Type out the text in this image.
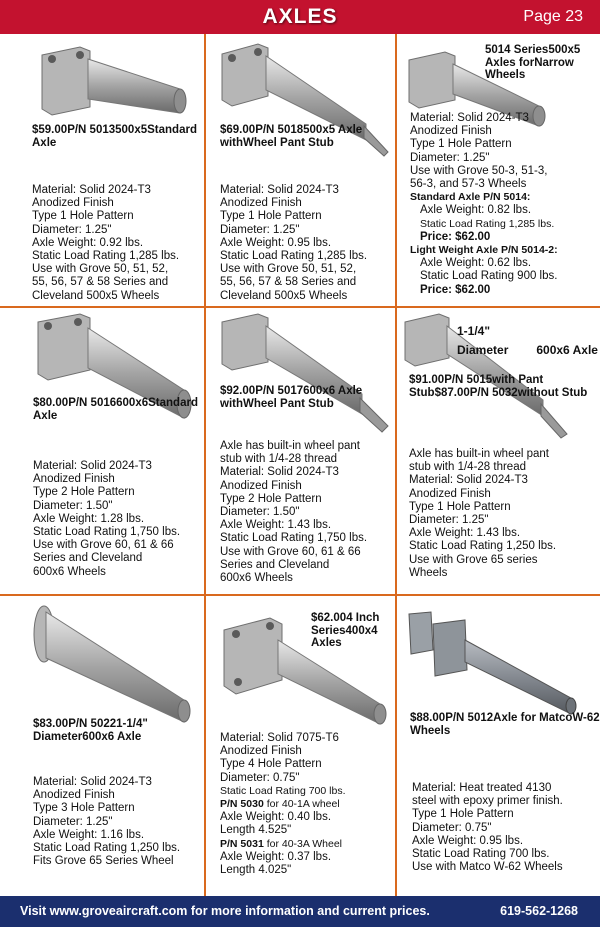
AXLES	Page 23
$59.00P/N 5013500x5Standard Axle
Material: Solid 2024-T3
Anodized Finish
Type 1 Hole Pattern
Diameter: 1.25"
Axle Weight: 0.92 lbs.
Static Load Rating 1,285 lbs.
Use with Grove 50, 51, 52,
55, 56, 57 & 58 Series and
Cleveland 500x5 Wheels
$69.00P/N 5018500x5 Axle withWheel Pant Stub
Material: Solid 2024-T3
Anodized Finish
Type 1 Hole Pattern
Diameter: 1.25"
Axle Weight: 0.95 lbs.
Static Load Rating 1,285 lbs.
Use with Grove 50, 51, 52,
55, 56, 57 & 58 Series and
Cleveland 500x5 Wheels
5014 Series500x5 Axles forNarrow Wheels
Material: Solid 2024-T3
Anodized Finish
Type 1 Hole Pattern
Diameter: 1.25"
Use with Grove 50-3, 51-3,
56-3, and 57-3 Wheels
Standard Axle P/N 5014:
Axle Weight: 0.82 lbs.
Static Load Rating 1,285 lbs.
Price: $62.00
Light Weight Axle P/N 5014-2:
Axle Weight: 0.62 lbs.
Static Load Rating 900 lbs.
Price: $62.00
$80.00P/N 5016600x6Standard Axle
Material: Solid 2024-T3
Anodized Finish
Type 2 Hole Pattern
Diameter: 1.50"
Axle Weight: 1.28 lbs.
Static Load Rating 1,750 lbs.
Use with Grove 60, 61 & 66
Series and Cleveland
600x6 Wheels
$92.00P/N 5017600x6 Axle withWheel Pant Stub
Axle has built-in wheel pant
stub with 1/4-28 thread
Material: Solid 2024-T3
Anodized Finish
Type 2 Hole Pattern
Diameter: 1.50"
Axle Weight: 1.43 lbs.
Static Load Rating 1,750 lbs.
Use with Grove 60, 61 & 66
Series and Cleveland
600x6 Wheels
1-1/4" Diameter 600x6 Axle
$91.00P/N 5015with Pant Stub$87.00P/N 5032without Stub
Axle has built-in wheel pant
stub with 1/4-28 thread
Material: Solid 2024-T3
Anodized Finish
Type 1 Hole Pattern
Diameter: 1.25"
Axle Weight: 1.43 lbs.
Static Load Rating 1,250 lbs.
Use with Grove 65 series
Wheels
$83.00P/N 50221-1/4" Diameter600x6 Axle
Material: Solid 2024-T3
Anodized Finish
Type 3 Hole Pattern
Diameter: 1.25"
Axle Weight: 1.16 lbs.
Static Load Rating 1,250 lbs.
Fits Grove 65 Series Wheel
$62.004 Inch Series400x4 Axles
Material: Solid 7075-T6
Anodized Finish
Type 4 Hole Pattern
Diameter: 0.75"
Static Load Rating 700 lbs.
P/N 5030 for 40-1A wheel
Axle Weight: 0.40 lbs.
Length 4.525"
P/N 5031 for 40-3A Wheel
Axle Weight: 0.37 lbs.
Length 4.025"
$88.00P/N 5012Axle for MatcoW-62 Wheels
Material: Heat treated 4130
steel with epoxy primer finish.
Type 1 Hole Pattern
Diameter: 0.75"
Axle Weight: 0.95 lbs.
Static Load Rating 700 lbs.
Use with Matco W-62 Wheels
Visit www.groveaircraft.com for more information and current prices.	619-562-1268
